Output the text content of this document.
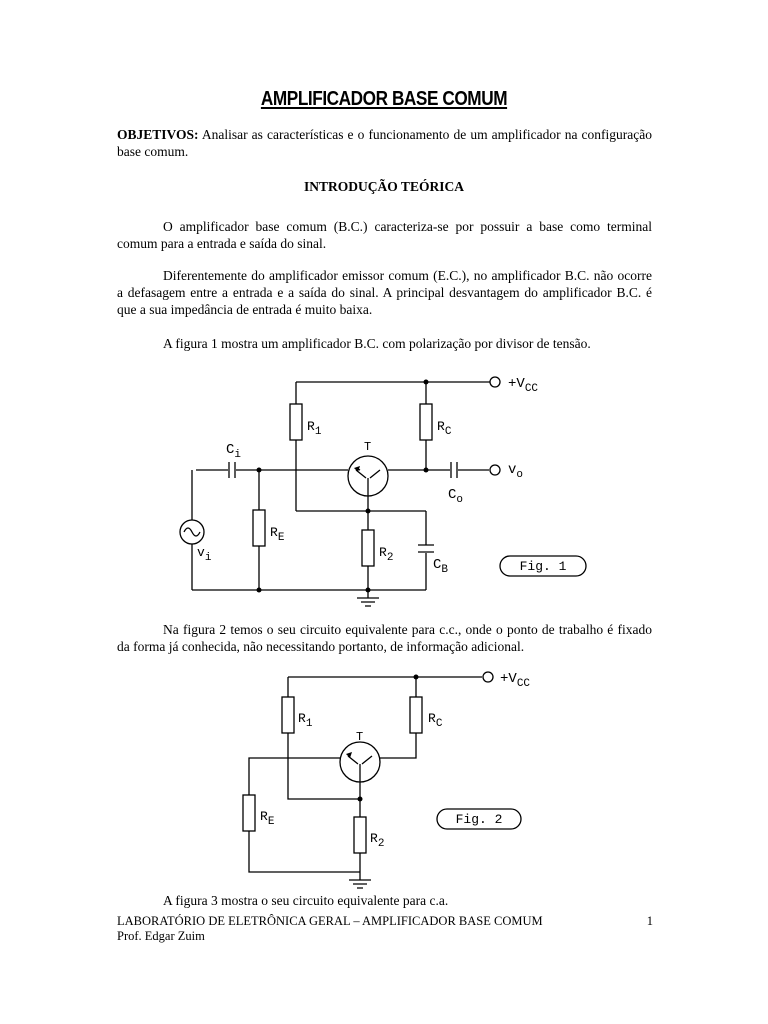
AMPLIFICADOR BASE COMUM
OBJETIVOS: Analisar as características e o funcionamento de um amplificador na configuração base comum.
INTRODUÇÃO TEÓRICA
O amplificador base comum (B.C.) caracteriza-se por possuir a base como terminal comum para a entrada e saída do sinal.
Diferentemente do amplificador emissor comum (E.C.), no amplificador B.C. não ocorre a defasagem entre a entrada e a saída do sinal. A principal desvantagem do amplificador B.C. é que a sua impedância de entrada é muito baixa.
A figura 1 mostra um amplificador B.C. com polarização por divisor de tensão.
$+V_{CC}$
$R_1$	$R_C$
T
$C_i$
$C_o$
$v_o$
$C_B$
$R_2$
$R_E$
$v_i$
Fig. 1
Na figura 2 temos o seu circuito equivalente para c.c., onde o ponto de trabalho é fixado da forma já conhecida, não necessitando portanto, de informação adicional.
$+V_{CC}$
$R_1$	$R_C$
T
$R_E$
$R_2$
Fig. 2
A figura 3 mostra o seu circuito equivalente para c.a.
LABORATÓRIO DE ELETRÔNICA GERAL – AMPLIFICADOR BASE COMUM
Prof. Edgar Zuim
1
